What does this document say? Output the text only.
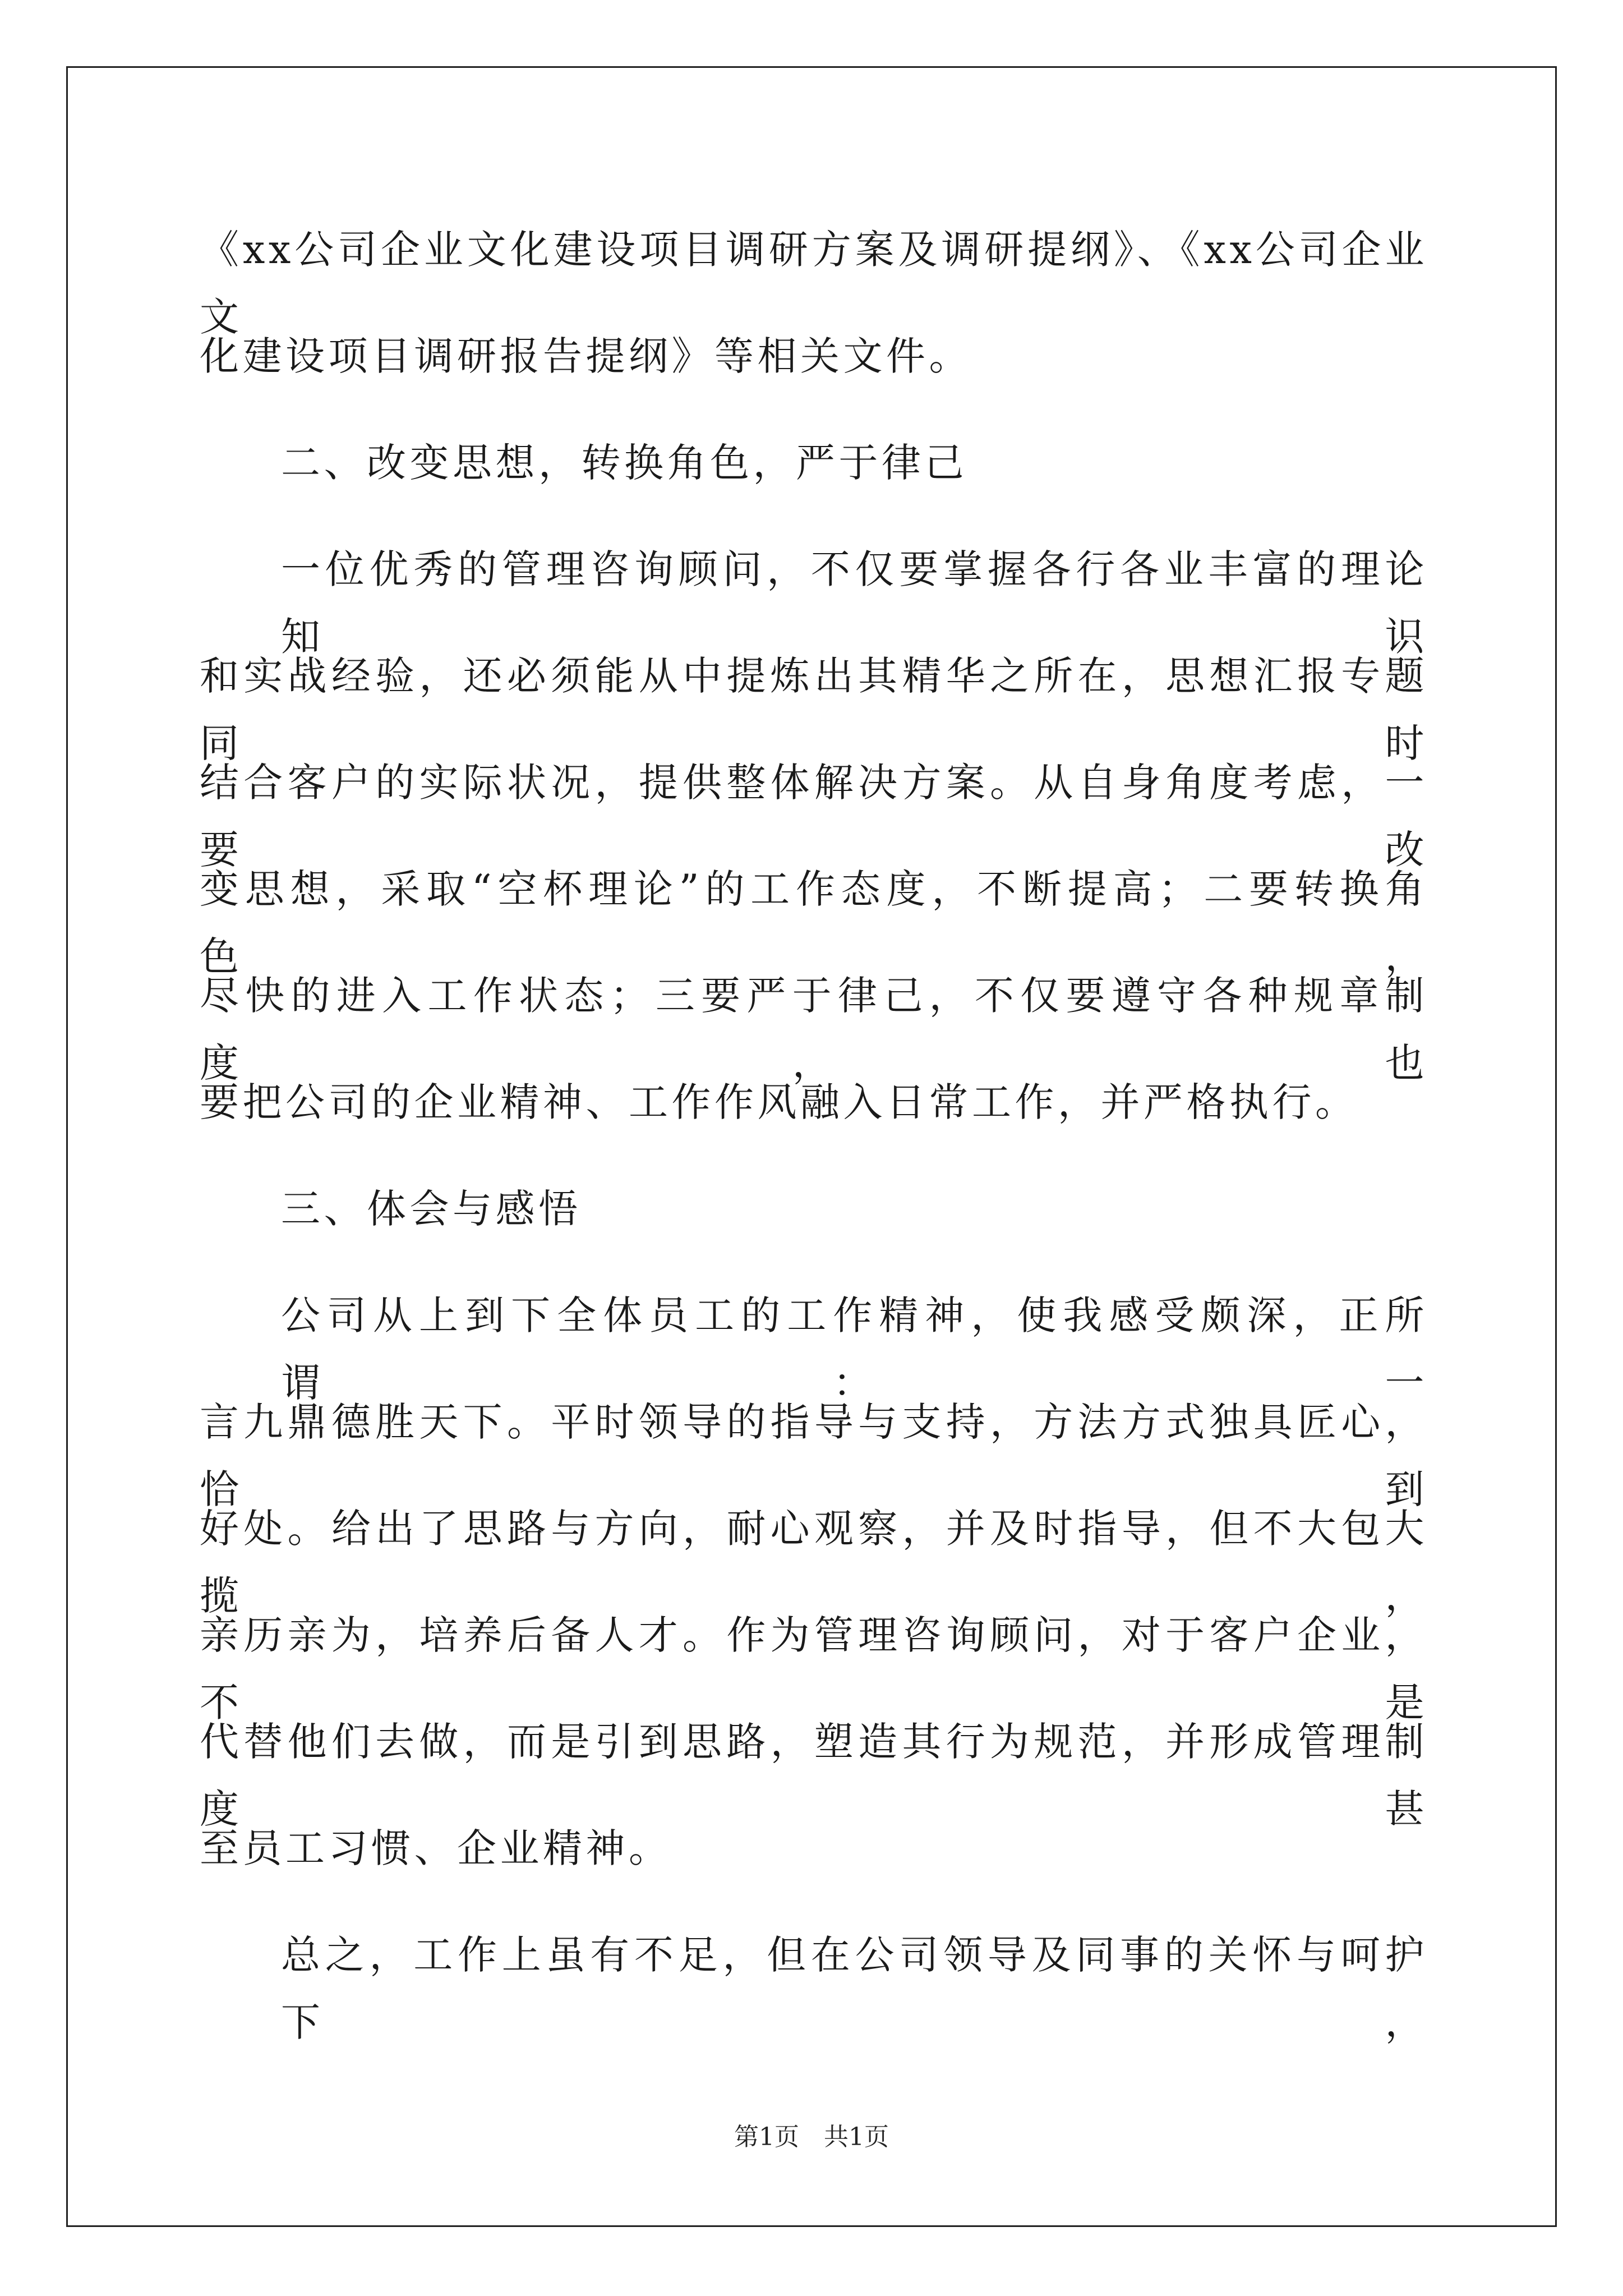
《xx公司企业文化建设项目调研方案及调研提纲》、《xx公司企业文
化建设项目调研报告提纲》等相关文件。
二、改变思想，转换角色，严于律己
一位优秀的管理咨询顾问，不仅要掌握各行各业丰富的理论知识
和实战经验，还必须能从中提炼出其精华之所在，思想汇报专题同时
结合客户的实际状况，提供整体解决方案。从自身角度考虑，一要改
变思想，采取“空杯理论”的工作态度，不断提高；二要转换角色，
尽快的进入工作状态；三要严于律己，不仅要遵守各种规章制度，也
要把公司的企业精神、工作作风融入日常工作，并严格执行。
三、体会与感悟
公司从上到下全体员工的工作精神，使我感受颇深，正所谓：一
言九鼎德胜天下。平时领导的指导与支持，方法方式独具匠心，恰到
好处。给出了思路与方向，耐心观察，并及时指导，但不大包大揽，
亲历亲为，培养后备人才。作为管理咨询顾问，对于客户企业，不是
代替他们去做，而是引到思路，塑造其行为规范，并形成管理制度甚
至员工习惯、企业精神。
总之，工作上虽有不足，但在公司领导及同事的关怀与呵护下，
第1页　共1页
